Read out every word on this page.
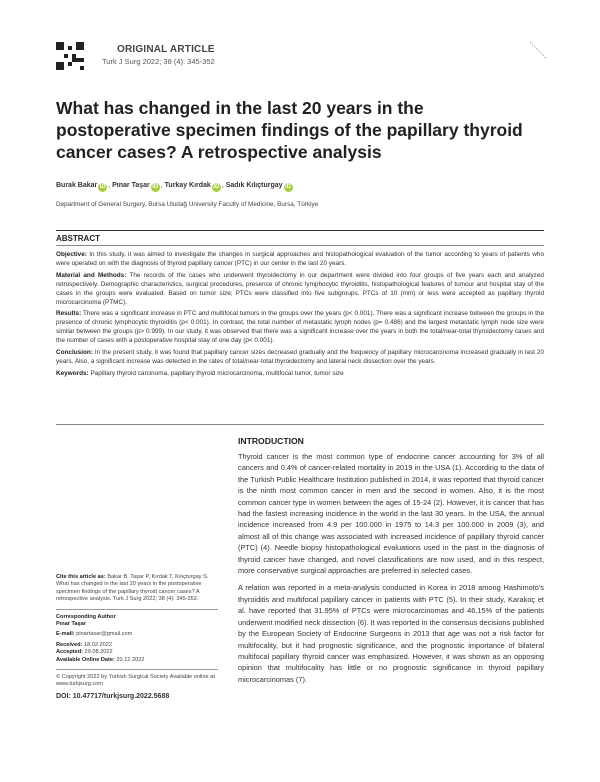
ORIGINAL ARTICLE
Turk J Surg 2022; 38 (4): 345-352
What has changed in the last 20 years in the postoperative specimen findings of the papillary thyroid cancer cases? A retrospective analysis
Burak Bakar iD , Pınar Taşar iD , Turkay Kırdak iD , Sadık Kılıçturgay iD
Department of General Surgery, Bursa Uludağ University Faculty of Medicine, Bursa, Türkiye
ABSTRACT

Objective: In this study, it was aimed to investigate the changes in surgical approaches and histopathological evaluation of the tumor according to years of patients who were operated on with the diagnosis of thyroid papillary cancer (PTC) in our center in the last 20 years.

Material and Methods: The records of the cases who underwent thyroidectomy in our department were divided into four groups of five years each and analyzed retrospectively. Demographic characteristics, surgical procedures, presence of chronic lymphocytic thyroiditis, histopathological features of tumour and hospital stay of the cases in the groups were evaluated. Based on tumor size; PTCs were classified into five subgroups. PTCs of 10 (mm) or less were accepted as papillary thyroid microcarcinoma (PTMC).

Results: There was a significant increase in PTC and multifocal tumors in the groups over the years (p< 0.001). There was a significant increase between the groups in the presence of chronic lymphocytic thyroiditis (p< 0.001). In contrast, the total number of metastatic lymph nodes (p= 0.486) and the largest metastatic lymph node size were similar between the groups (p> 0.999). In our study, it was observed that there was a significant increase over the years in both the total/near-total thyroidectomy cases and the number of cases with a postoperative hospital stay of one day (p< 0.001).

Conclusion: In the present study, it was found that papillary cancer sizes decreased gradually and the frequency of papillary microcarcinoma increased gradually in last 20 years. Also, a significant increase was detected in the rates of total/near-total thyroidectomy and lateral neck dissection over the years.

Keywords: Papillary thyroid carcinoma, papillary thyroid microcarcinoma, multifocal tumor, tumor size

Cite this article as: Bakar B, Taşar P, Kırdak T, Kılıçturgay S. What has changed in the last 20 years in the postoperative specimen findings of the papillary thyroid cancer cases? A retrospective analysis. Turk J Surg 2022; 38 (4): 345-352.
Corresponding Author
Pınar Taşar
E-mail: pinartasar@gmail.com
Received: 18.02.2022
Accepted: 29.08.2022
Available Online Date: 20.12.2022
© Copyright 2022 by Turkish Surgical Society Available online at www.turkjsurg.com
DOI: 10.47717/turkjsurg.2022.5688
INTRODUCTION

Thyroid cancer is the most common type of endocrine cancer accounting for 3% of all cancers and 0.4% of cancer-related mortality in 2019 in the USA (1). According to the data of the Turkish Public Healthcare Institution published in 2014, it was reported that thyroid cancer is the ninth most common cancer in men and the second in women. Also, it is the most common cancer type in women between the ages of 15-24 (2). However, it is cancer that has had the fastest increasing incidence in the world in the last 30 years. In the USA, the annual incidence increased from 4.9 per 100.000 in 1975 to 14.3 per 100.000 in 2009 (3), and almost all of this change was associated with increased incidence of papillary thyroid cancer (PTC) (4). Needle biopsy histopathological evaluations used in the past in the diagnosis of thyroid cancer have changed, and novel classifications are now used, and in this respect, more conservative surgical approaches are preferred in selected cases.

A relation was reported in a meta-analysis conducted in Korea in 2018 among Hashimoto's thyroiditis and multifocal papillary cancer in patients with PTC (5). In their study, Karakoç et al. have reported that 31.95% of PTCs were microcarcinomas and 46.15% of the patients underwent modified neck dissection (6). It was reported in the consensus decisions published by the European Society of Endocrine Surgeons in 2013 that age was not a risk factor for multifocality, but it had prognostic significance, and the prognostic importance of bilateral multifocal papillary thyroid cancer was emphasized. However, it was shown as an opposing opinion that multifocality has little or no prognostic significance in thyroid papillary microcarcinomas (7).
